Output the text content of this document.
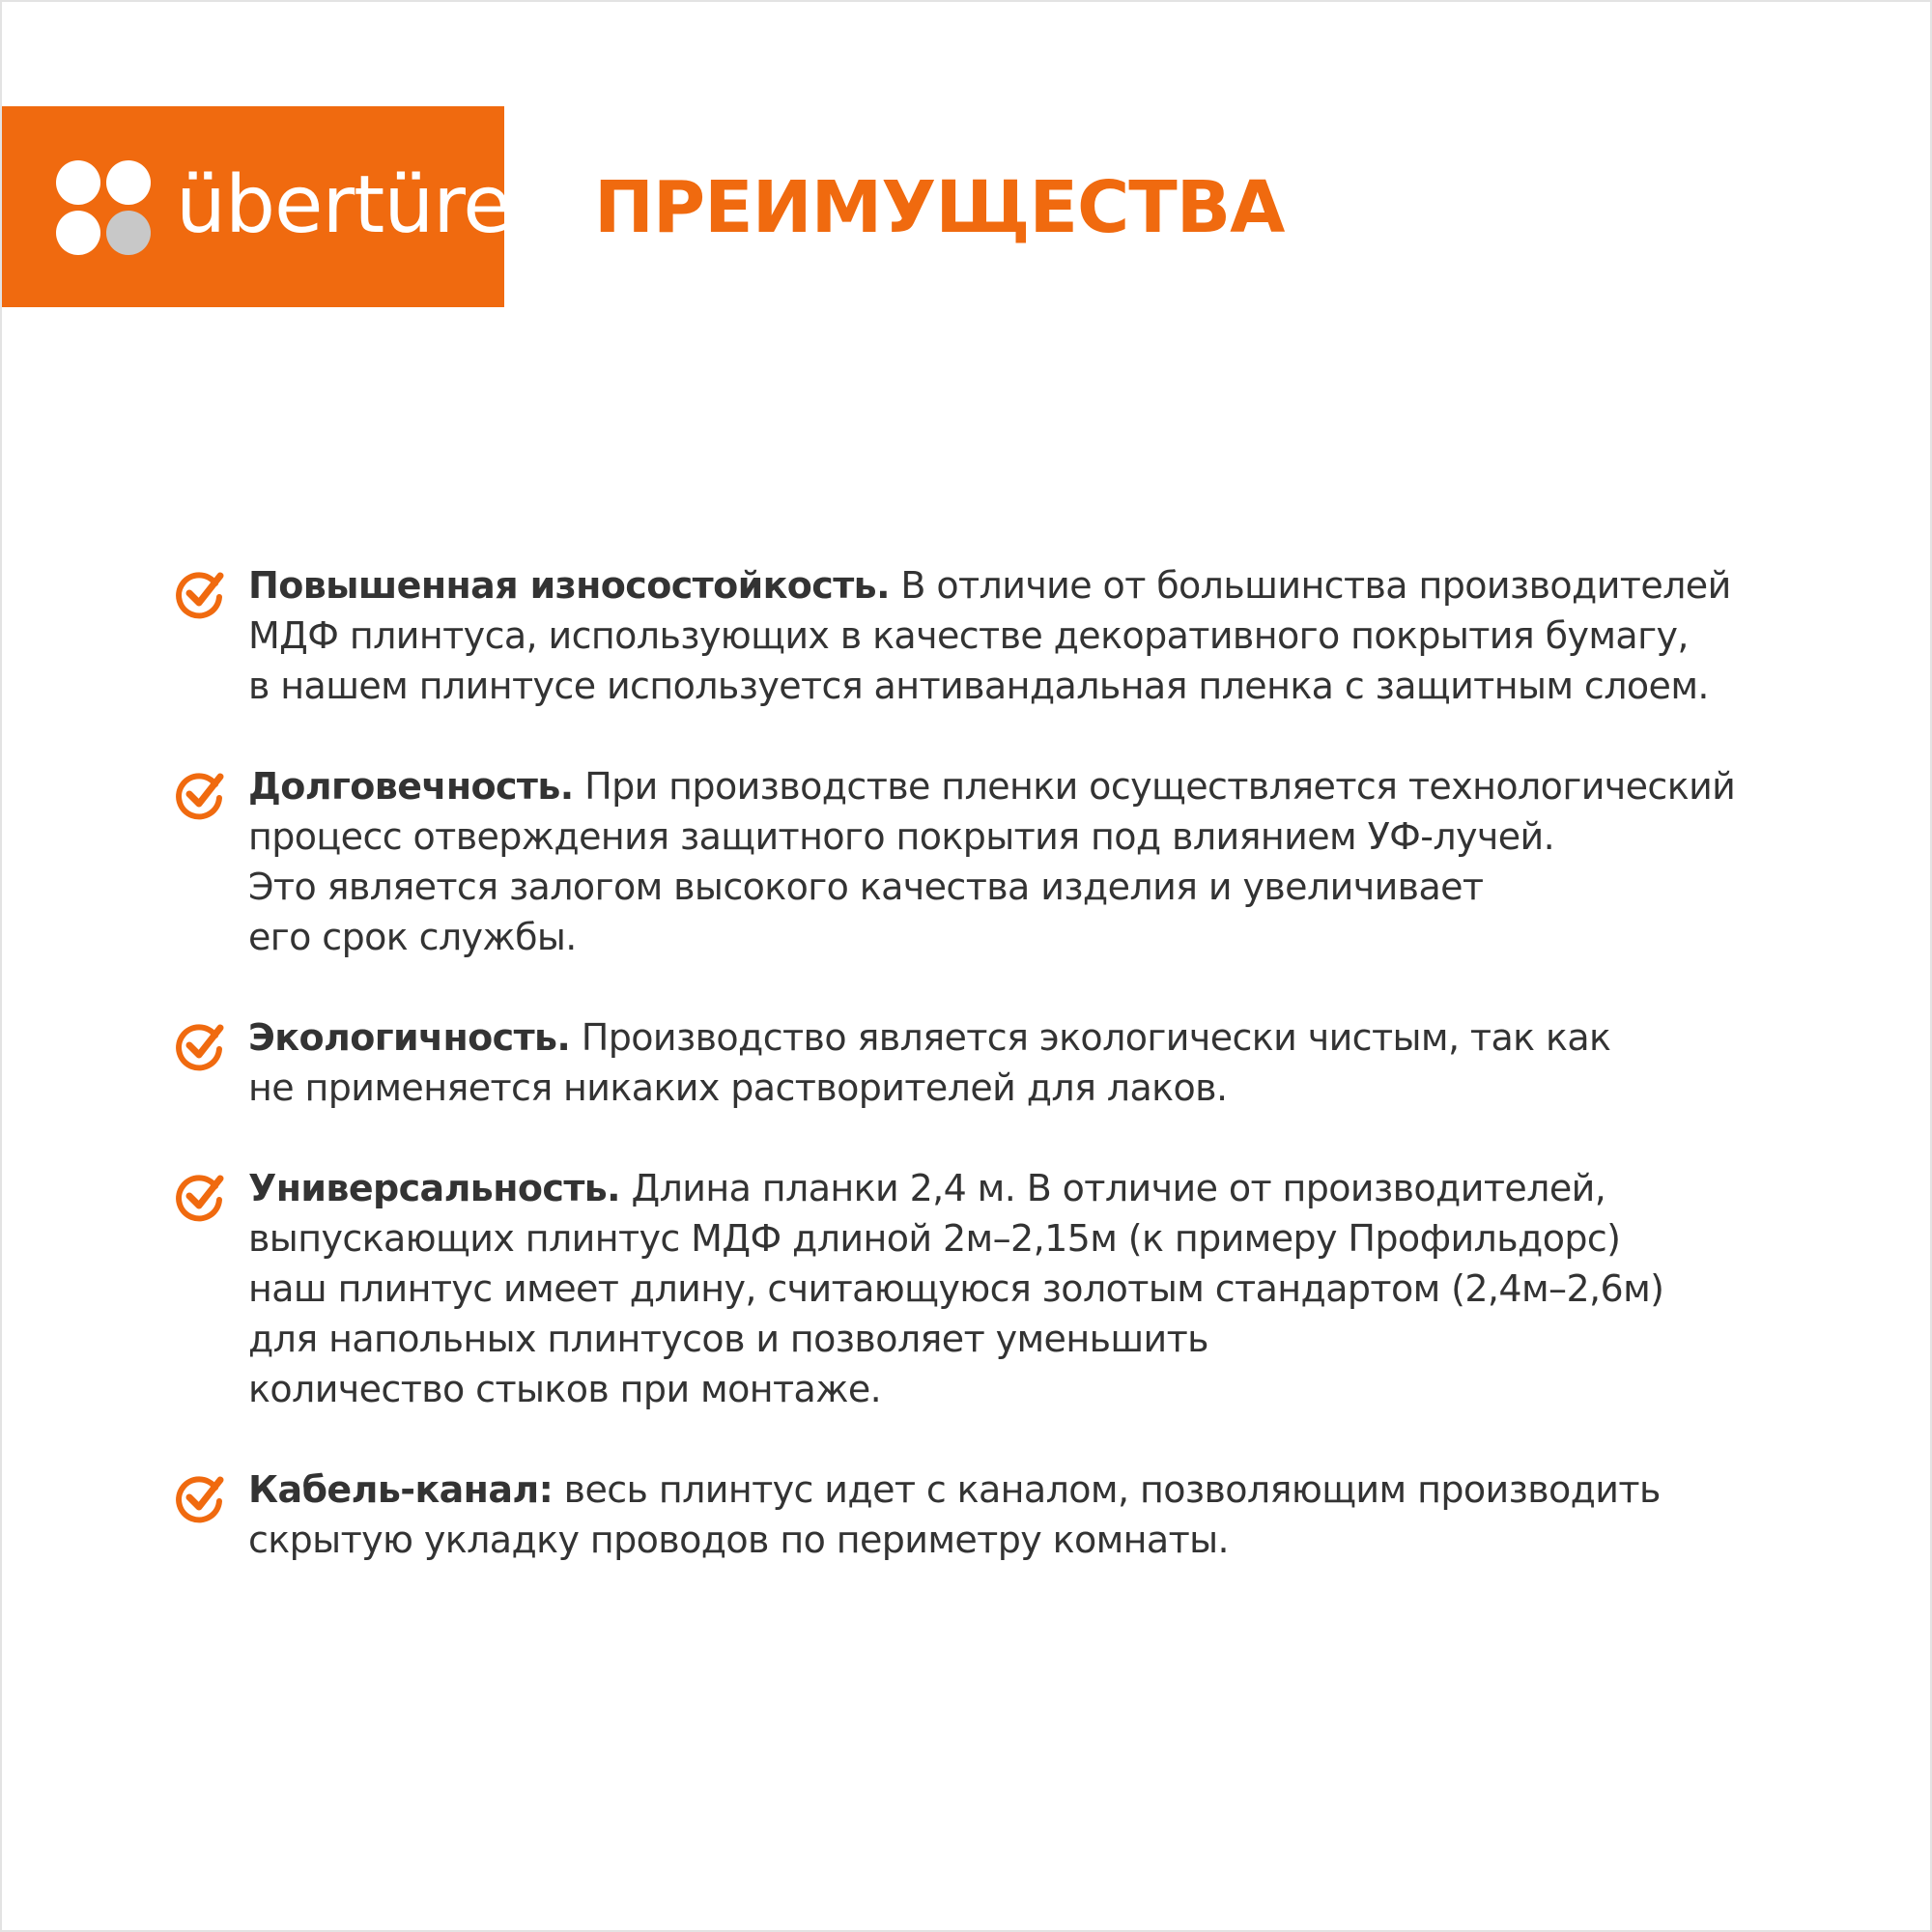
übertüre ПРЕИМУЩЕСТВА
Повышенная износостойкость. В отличие от большинства производителей
МДФ плинтуса, использующих в качестве декоративного покрытия бумагу,
в нашем плинтусе используется антивандальная пленка с защитным слоем.
Долговечность. При производстве пленки осуществляется технологический
процесс отверждения защитного покрытия под влиянием УФ-лучей.
Это является залогом высокого качества изделия и увеличивает
его срок службы.
Экологичность. Производство является экологически чистым, так как
не применяется никаких растворителей для лаков.
Универсальность. Длина планки 2,4 м. В отличие от производителей,
выпускающих плинтус МДФ длиной 2м–2,15м (к примеру Профильдорс)
наш плинтус имеет длину, считающуюся золотым стандартом (2,4м–2,6м)
для напольных плинтусов и позволяет уменьшить
количество стыков при монтаже.
Кабель-канал: весь плинтус идет с каналом, позволяющим производить
скрытую укладку проводов по периметру комнаты.
